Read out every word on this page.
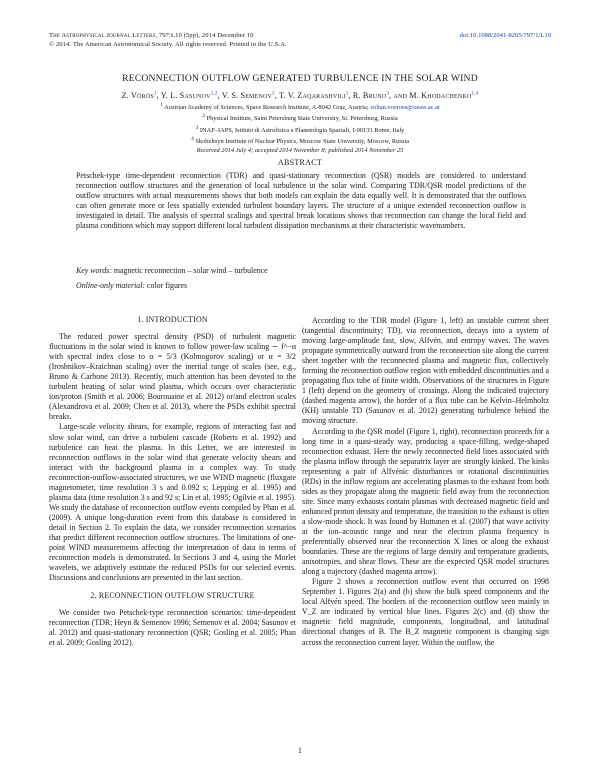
The Astrophysical Journal Letters, 797:L10 (5pp), 2014 December 10
© 2014. The American Astronomical Society. All rights reserved. Printed in the U.S.A.
doi:10.1088/2041-8205/797/1/L10
RECONNECTION OUTFLOW GENERATED TURBULENCE IN THE SOLAR WIND
Z. Vörös$^1$, Y. L. Sasunov$^{1,2}$, V. S. Semenov$^2$, T. V. Zaqarashvili$^1$, R. Bruno$^3$, and M. Khodachenko$^{1,4}$
$^1$ Austrian Academy of Sciences, Space Research Institute, A-8042 Graz, Austria; zoltan.voeroes@oeaw.ac.at
$^2$ Physical Institute, Saint Petersburg State University, St. Petersburg, Russia
$^3$ INAF–IAPS, Istituto di Astrofisica e Planetologia Spaziali, I-00133 Rome, Italy
$^4$ Skobeltsyn Institute of Nuclear Physics, Moscow State University, Moscow, Russia
Received 2014 July 4; accepted 2014 November 8; published 2014 November 25
ABSTRACT
Petschek-type time-dependent reconnection (TDR) and quasi-stationary reconnection (QSR) models are considered to understand reconnection outflow structures and the generation of local turbulence in the solar wind. Comparing TDR/QSR model predictions of the outflow structures with actual measurements shows that both models can explain the data equally well. It is demonstrated that the outflows can often generate more or less spatially extended turbulent boundary layers. The structure of a unique extended reconnection outflow is investigated in detail. The analysis of spectral scalings and spectral break locations shows that reconnection can change the local field and plasma conditions which may support different local turbulent dissipation mechanisms at their characteristic wavenumbers.
Key words: magnetic reconnection – solar wind – turbulence
Online-only material: color figures
1. INTRODUCTION

The reduced power spectral density (PSD) of turbulent magnetic fluctuations in the solar wind is known to follow power-law scaling ∼ f^−α with spectral index close to α = 5/3 (Kolmogorov scaling) or α = 3/2 (Iroshnikov–Kraichnan scaling) over the inertial range of scales (see, e.g., Bruno & Carbone 2013). Recently, much attention has been devoted to the turbulent heating of solar wind plasma, which occurs over characteristic ion/proton (Smith et al. 2006; Bourouaine et al. 2012) or/and electron scales (Alexandrova et al. 2009; Chen et al. 2013), where the PSDs exhibit spectral breaks.

Large-scale velocity shears, for example, regions of interacting fast and slow solar wind, can drive a turbulent cascade (Roberts et al. 1992) and turbulence can heat the plasma. In this Letter, we are interested in reconnection outflows in the solar wind that generate velocity shears and interact with the background plasma in a complex way. To study reconnection-outflow-associated structures, we use WIND magnetic (fluxgate magnetometer, time resolution 3 s and 0.092 s; Lepping et al. 1995) and plasma data (time resolution 3 s and 92 s; Lin et al. 1995; Ogilvie et al. 1995). We study the database of reconnection outflow events compiled by Phan et al. (2009). A unique long-duration event from this database is considered in detail in Section 2. To explain the data, we consider reconnection scenarios that predict different reconnection outflow structures. The limitations of one-point WIND measurements affecting the interpretation of data in terms of reconnection models is demonstrated. In Sections 3 and 4, using the Morlet wavelets, we adaptively estimate the reduced PSDs for our selected events. Discussions and conclusions are presented in the last section.

2. RECONNECTION OUTFLOW STRUCTURE

We consider two Petschek-type reconnection scenarios: time-dependent reconnection (TDR; Heyn & Semenov 1996; Semenov et al. 2004; Sasunov et al. 2012) and quasi-stationary reconnection (QSR; Gosling et al. 2005; Phan et al. 2009; Gosling 2012).

According to the TDR model (Figure 1, left) an unstable current sheet (tangential discontinuity; TD), via reconnection, decays into a system of moving large-amplitude fast, slow, Alfvén, and entropy waves. The waves propagate symmetrically outward from the reconnection site along the current sheet together with the reconnected plasma and magnetic flux, collectively forming the reconnection outflow region with embedded discontinuities and a propagating flux tube of finite width. Observations of the structures in Figure 1 (left) depend on the geometry of crossings. Along the indicated trajectory (dashed magenta arrow), the border of a flux tube can be Kelvin–Helmholtz (KH) unstable TD (Sasunov et al. 2012) generating turbulence behind the moving structure.

According to the QSR model (Figure 1, right), reconnection proceeds for a long time in a quasi-steady way, producing a space-filling, wedge-shaped reconnection exhaust. Here the newly reconnected field lines associated with the plasma inflow through the separatrix layer are strongly kinked. The kinks representing a pair of Alfvénic disturbances or rotational discontinuities (RDs) in the inflow regions are accelerating plasmas to the exhaust from both sides as they propagate along the magnetic field away from the reconnection site. Since many exhausts contain plasmas with decreased magnetic field and enhanced proton density and temperature, the transition to the exhaust is often a slow-mode shock. It was found by Huttunen et al. (2007) that wave activity at the ion–acoustic range and near the electron plasma frequency is preferentially observed near the reconnection X lines or along the exhaust boundaries. These are the regions of large density and temperature gradients, anisotropies, and shear flows. These are the expected QSR model structures along a trajectory (dashed magenta arrow).

Figure 2 shows a reconnection outflow event that occurred on 1998 September 1. Figures 2(a) and (b) show the bulk speed components and the local Alfvén speed. The borders of the reconnection outflow seen mainly in V_Z are indicated by vertical blue lines. Figures 2(c) and (d) show the magnetic field magnitude, components, longitudinal, and latitudinal directional changes of B. The B_Z magnetic component is changing sign across the reconnection current layer. Within the outflow, the

1
